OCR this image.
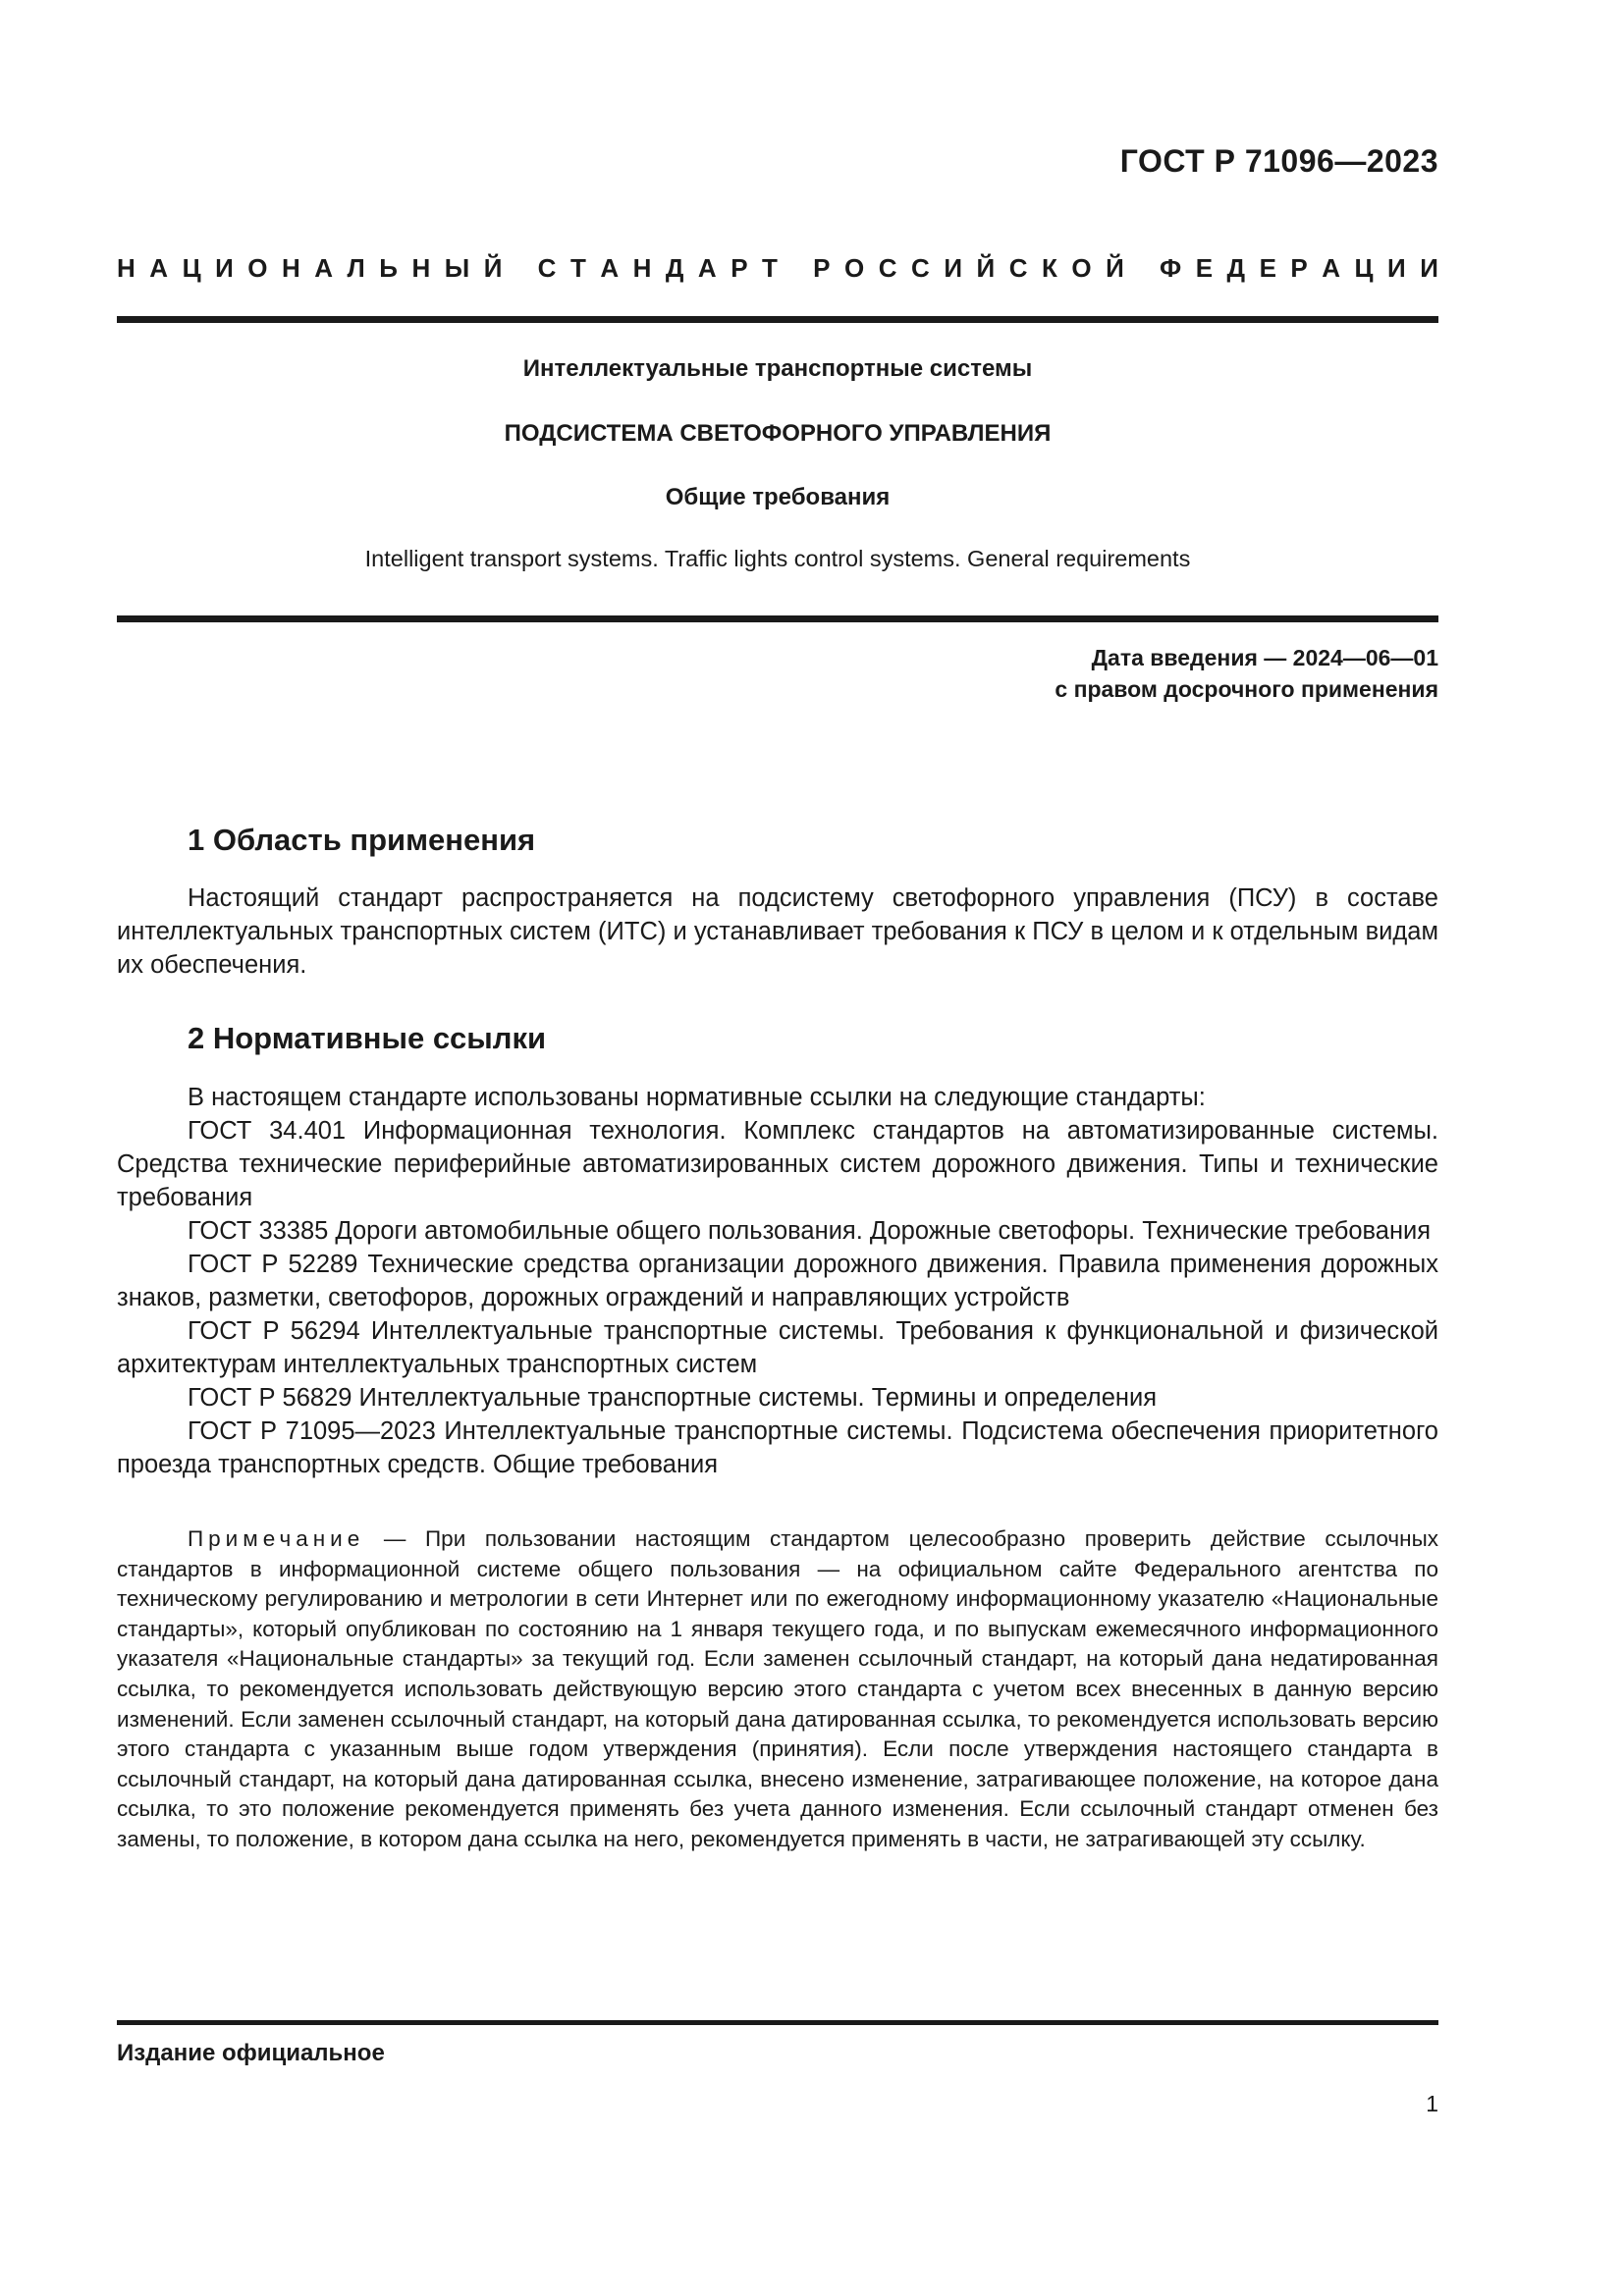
ГОСТ Р 71096—2023
Н А Ц И О Н А Л Ь Н Ы Й
С Т А Н Д А Р Т
Р О С С И Й С К О Й
Ф Е Д Е Р А Ц И И
Интеллектуальные транспортные системы
ПОДСИСТЕМА СВЕТОФОРНОГО УПРАВЛЕНИЯ
Общие требования
Intelligent transport systems. Traffic lights control systems. General requirements
Дата введения — 2024—06—01
с правом досрочного применения
1 Область применения

Настоящий стандарт распространяется на подсистему светофорного управления (ПСУ) в составе интеллектуальных транспортных систем (ИТС) и устанавливает требования к ПСУ в целом и к отдельным видам их обеспечения.

2 Нормативные ссылки
В настоящем стандарте использованы нормативные ссылки на следующие стандарты:
ГОСТ 34.401 Информационная технология. Комплекс стандартов на автоматизированные системы. Средства технические периферийные автоматизированных систем дорожного движения. Типы и технические требования
ГОСТ 33385 Дороги автомобильные общего пользования. Дорожные светофоры. Технические требования
ГОСТ Р 52289 Технические средства организации дорожного движения. Правила применения дорожных знаков, разметки, светофоров, дорожных ограждений и направляющих устройств
ГОСТ Р 56294 Интеллектуальные транспортные системы. Требования к функциональной и физической архитектурам интеллектуальных транспортных систем
ГОСТ Р 56829 Интеллектуальные транспортные системы. Термины и определения
ГОСТ Р 71095—2023 Интеллектуальные транспортные системы. Подсистема обеспечения приоритетного проезда транспортных средств. Общие требования

Примечание — При пользовании настоящим стандартом целесообразно проверить действие ссылочных стандартов в информационной системе общего пользования — на официальном сайте Федерального агентства по техническому регулированию и метрологии в сети Интернет или по ежегодному информационному указателю «Национальные стандарты», который опубликован по состоянию на 1 января текущего года, и по выпускам ежемесячного информационного указателя «Национальные стандарты» за текущий год. Если заменен ссылочный стандарт, на который дана недатированная ссылка, то рекомендуется использовать действующую версию этого стандарта с учетом всех внесенных в данную версию изменений. Если заменен ссылочный стандарт, на который дана датированная ссылка, то рекомендуется использовать версию этого стандарта с указанным выше годом утверждения (принятия). Если после утверждения настоящего стандарта в ссылочный стандарт, на который дана датированная ссылка, внесено изменение, затрагивающее положение, на которое дана ссылка, то это положение рекомендуется применять без учета данного изменения. Если ссылочный стандарт отменен без замены, то положение, в котором дана ссылка на него, рекомендуется применять в части, не затрагивающей эту ссылку.

Издание официальное
1
